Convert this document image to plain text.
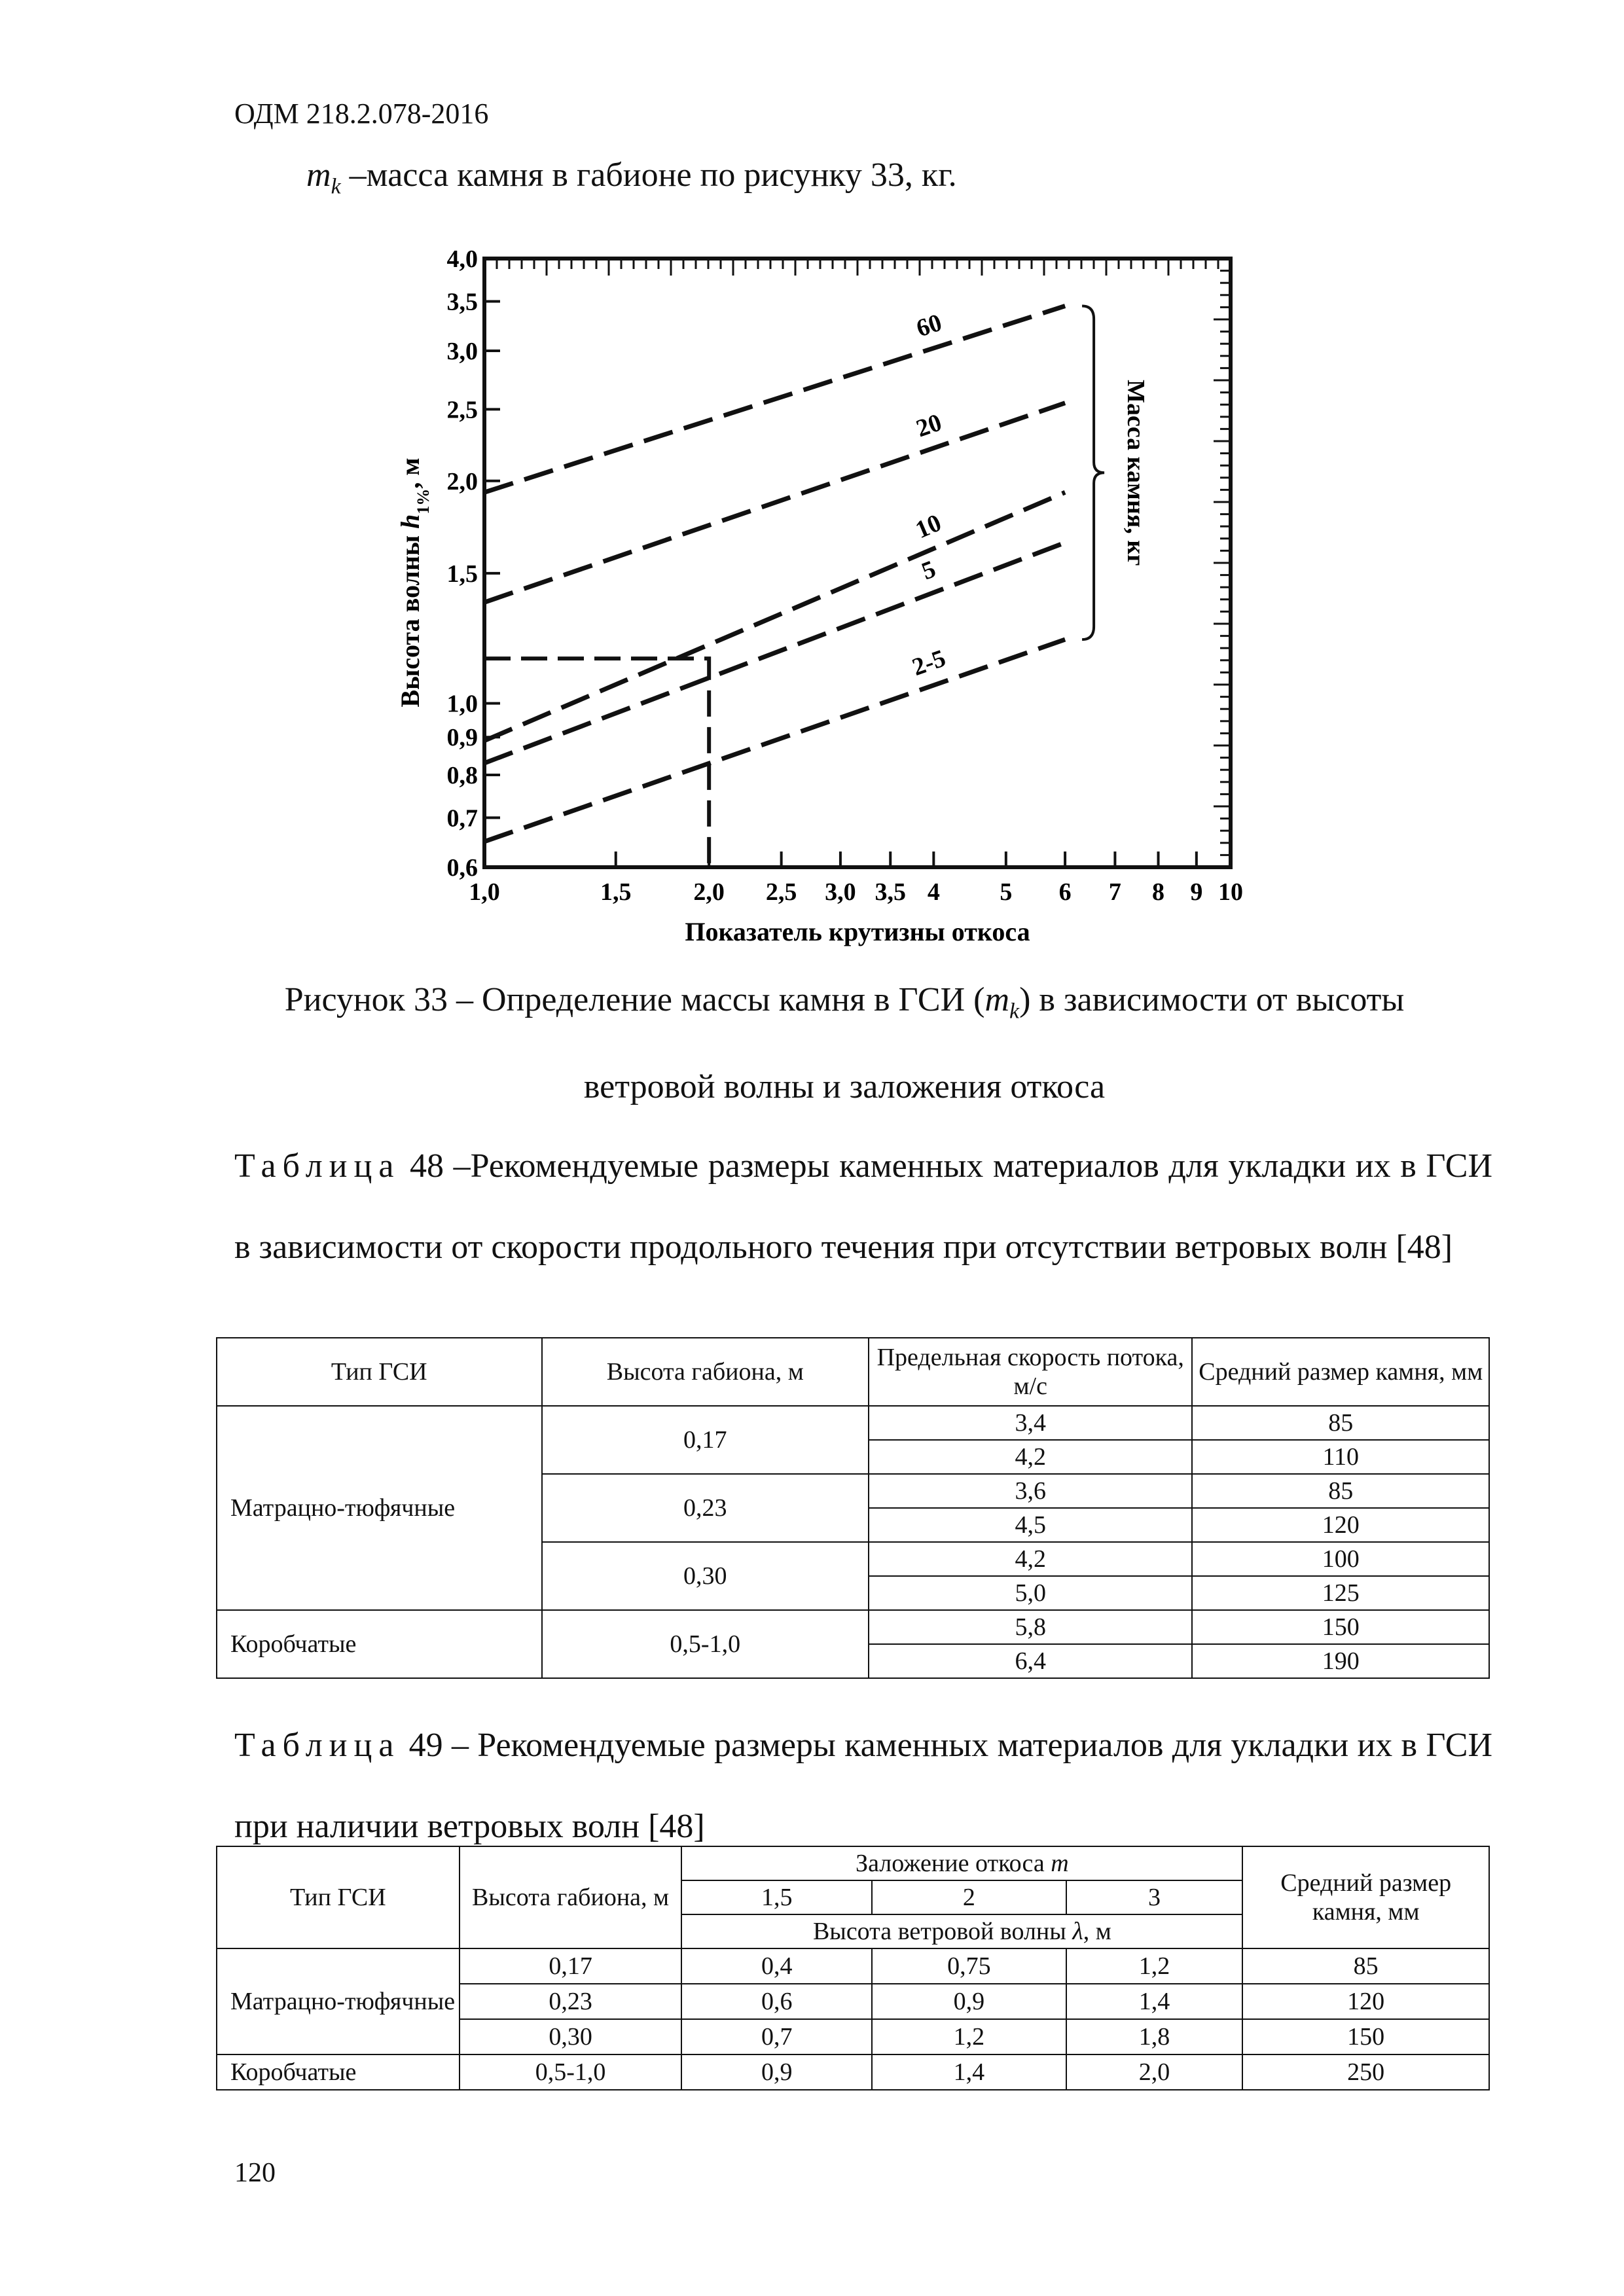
ОДМ 218.2.078-2016
$m_k$ –масса камня в габионе по рисунку 33, кг.
1,0	1,5 2,0 2,5 3,0 3,5 4 5 6 7 8 9 10
0,6
0,7
0,8
0,9
1,0
1,5
2,0
2,5
3,0
3,5
4,0
60
20
10
5
2-5
Масса камня, кг
Показатель крутизны откоса
Высота волны $h_{1\%}$, м
Рисунок 33 – Определение массы камня в ГСИ $(m_k)$ в зависимости от высоты
ветровой волны и заложения откоса
Таблица 48 –Рекомендуемые размеры каменных материалов для укладки их в ГСИ в зависимости от скорости продольного течения при отсутствии ветровых волн [48]
Тип ГСИ	Высота габиона, м	Предельная скорость потока, м/с	Средний размер камня, мм
Матрацно-тюфячные	0,17	3,4	85
		4,2	110
	0,23	3,6	85
		4,5	120
	0,30	4,2	100
		5,0	125
Коробчатые	0,5-1,0	5,8	150
		6,4	190
Таблица 49 – Рекомендуемые размеры каменных материалов для укладки их в ГСИ при наличии ветровых волн [48]
Тип ГСИ	Высота габиона, м	Заложение откоса m			Средний размер камня, мм
		1,5	2	3	
		Высота ветровой волны λ, м			
Матрацно-тюфячные	0,17	0,4	0,75	1,2	85
	0,23	0,6	0,9	1,4	120
	0,30	0,7	1,2	1,8	150
Коробчатые	0,5-1,0	0,9	1,4	2,0	250
120
